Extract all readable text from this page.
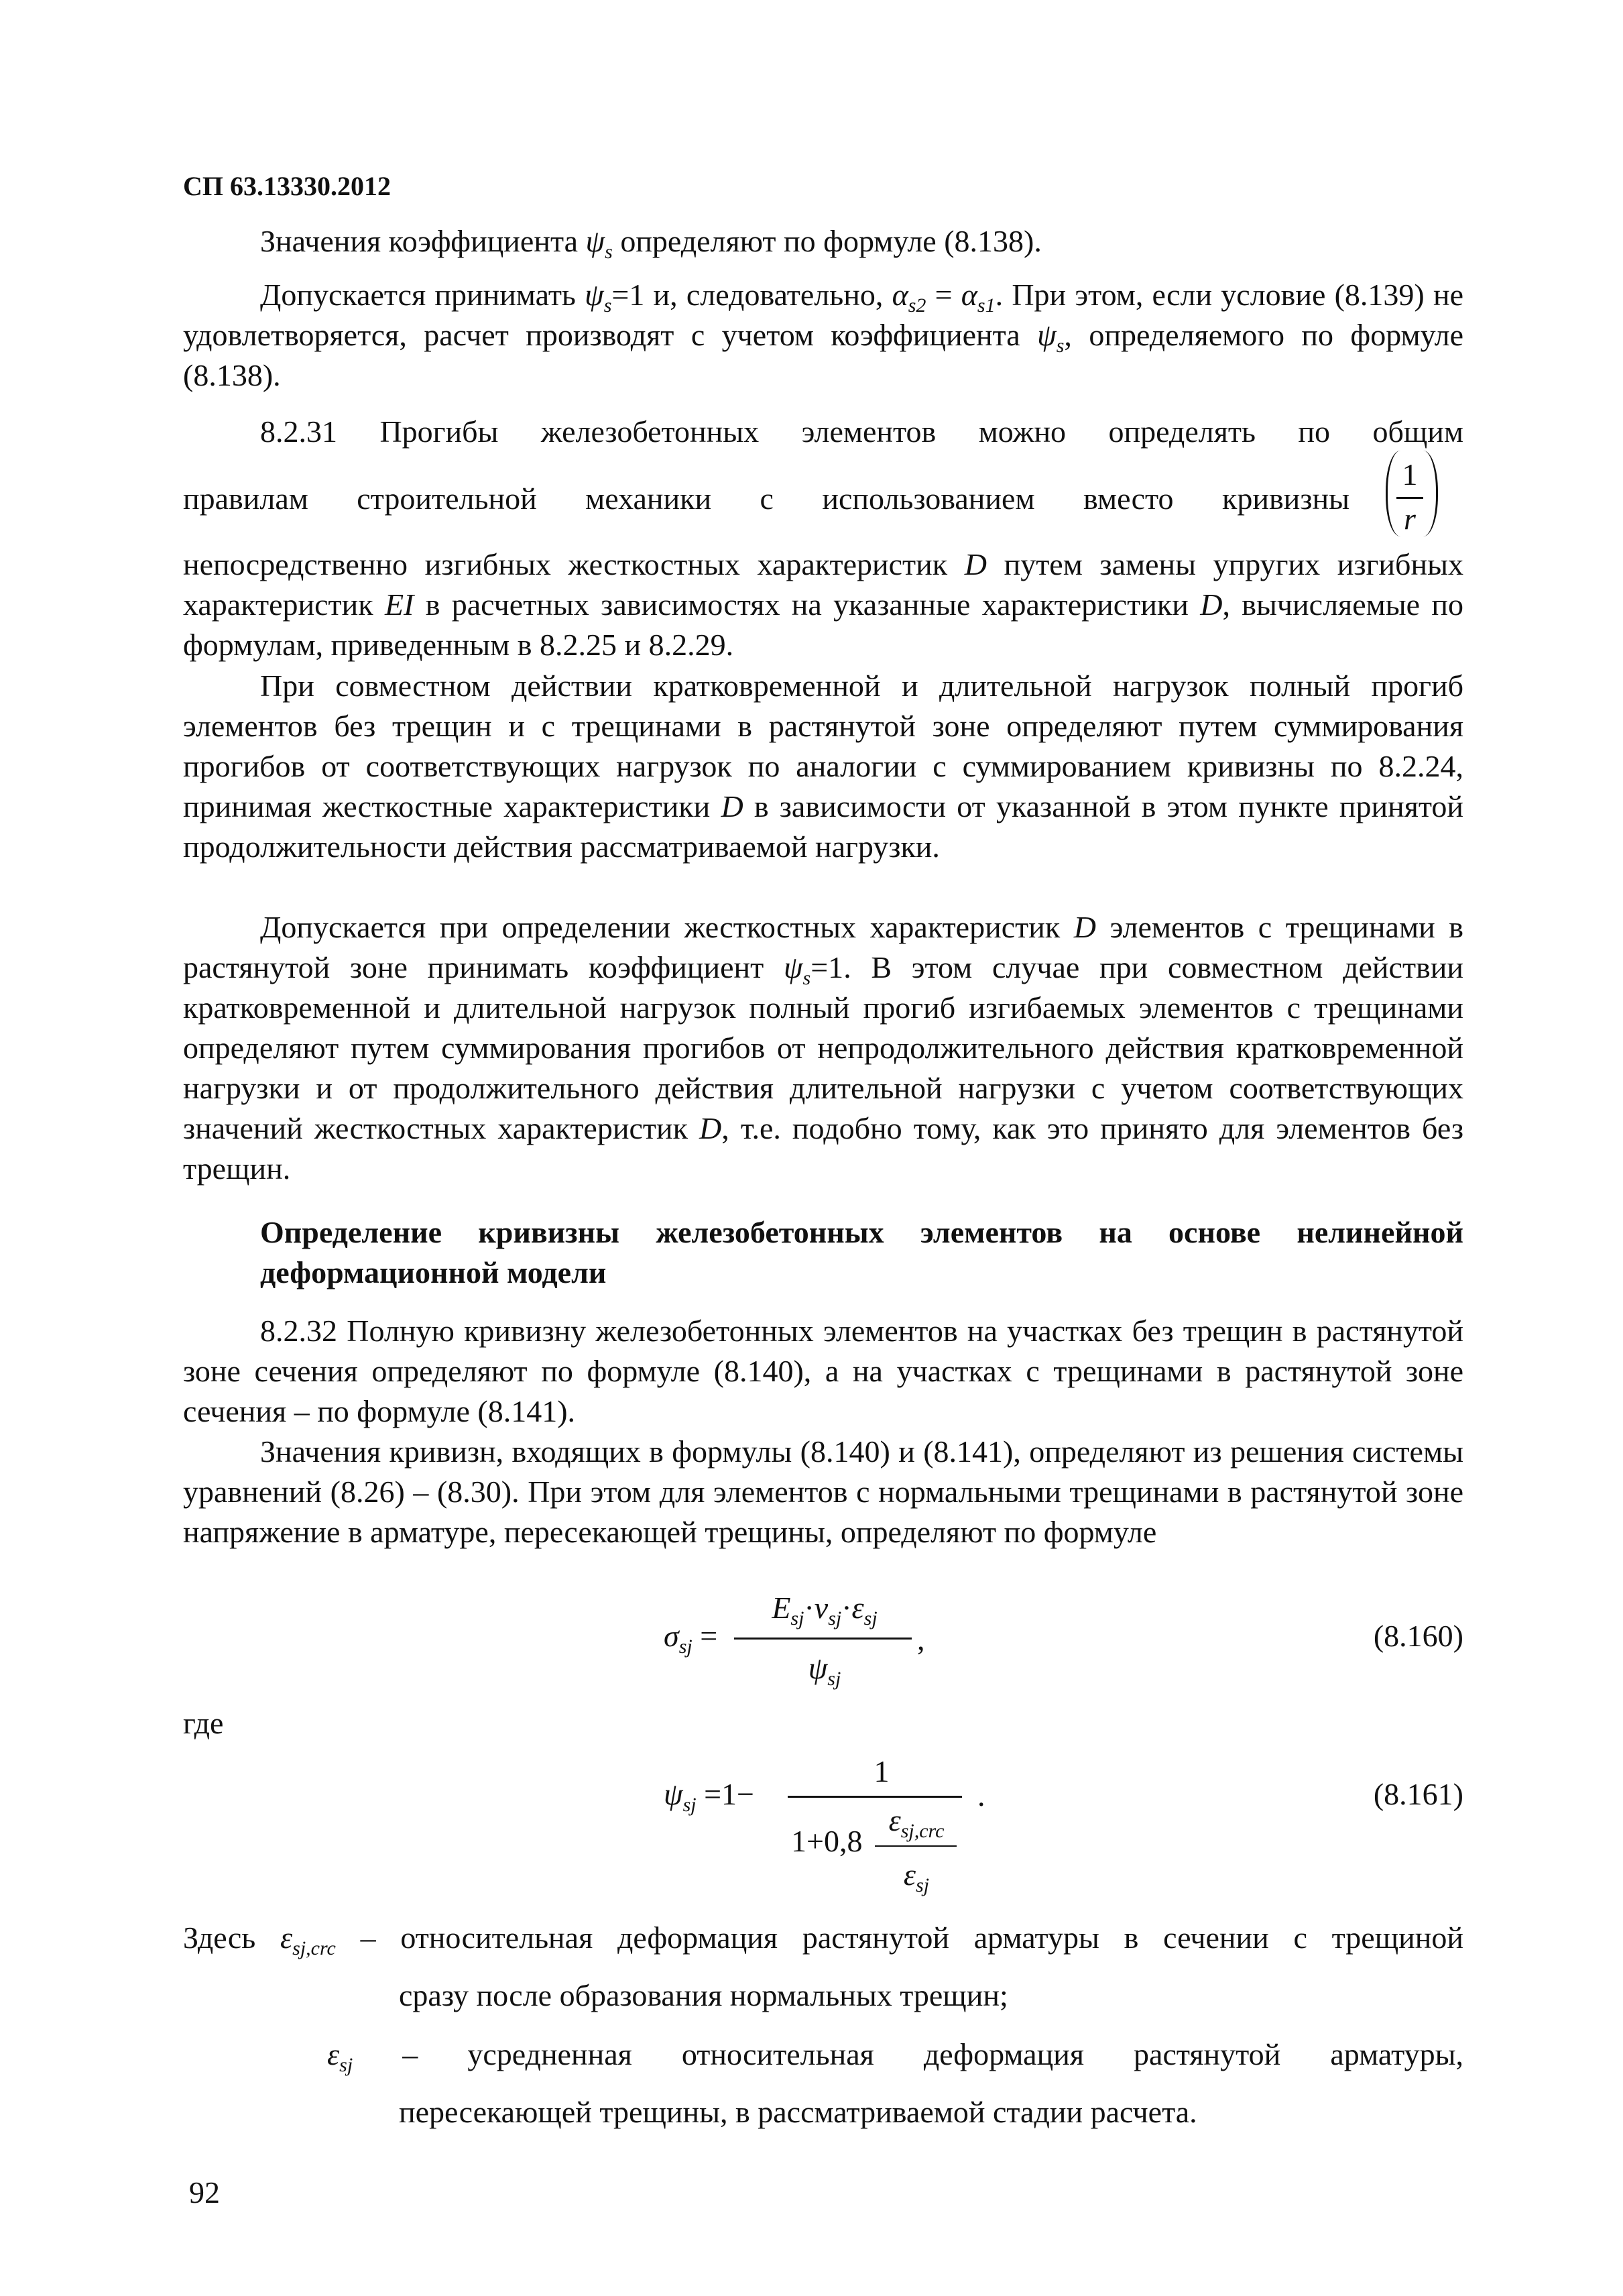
СП 63.13330.2012
Значения коэффициента $\psi_s$ определяют по формуле (8.138).
Допускается принимать $\psi_s=1$ и, следовательно, $\alpha_{s2} = \alpha_{s1}$. При этом, если условие (8.139) не удовлетворяется, расчет производят с учетом коэффициента $\psi_s$, определяемого по формуле (8.138).
8.2.31 Прогибы железобетонных элементов можно определять по общим
правилам строительной механики с использованием вместо кривизны
1
r
непосредственно изгибных жесткостных характеристик D путем замены упругих изгибных характеристик EI в расчетных зависимостях на указанные характеристики D, вычисляемые по формулам, приведенным в 8.2.25 и 8.2.29.
При совместном действии кратковременной и длительной нагрузок полный прогиб элементов без трещин и с трещинами в растянутой зоне определяют путем суммирования прогибов от соответствующих нагрузок по аналогии с суммированием кривизны по 8.2.24, принимая жесткостные характеристики D в зависимости от указанной в этом пункте принятой продолжительности действия рассматриваемой нагрузки.
Допускается при определении жесткостных характеристик D элементов с трещинами в растянутой зоне принимать коэффициент $\psi_s=1$. В этом случае при совместном действии кратковременной и длительной нагрузок полный прогиб изгибаемых элементов с трещинами определяют путем суммирования прогибов от непродолжительного действия кратковременной нагрузки и от продолжительного действия длительной нагрузки с учетом соответствующих значений жесткостных характеристик D, т.е. подобно тому, как это принято для элементов без трещин.
Определение кривизны железобетонных элементов на основе нелинейной деформационной модели
8.2.32 Полную кривизну железобетонных элементов на участках без трещин в растянутой зоне сечения определяют по формуле (8.140), а на участках с трещинами в растянутой зоне сечения – по формуле (8.141).
Значения кривизн, входящих в формулы (8.140) и (8.141), определяют из решения системы уравнений (8.26) – (8.30). При этом для элементов с нормальными трещинами в растянутой зоне напряжение в арматуре, пересекающей трещины, определяют по формуле
$\sigma_{sj}$ =
$E_{sj}\cdot\nu_{sj}\cdot\varepsilon_{sj}$
$\psi_{sj}$
,	(8.160)
где
$\psi_{sj} =1-$
1
1+0,8
$\varepsilon_{sj,crc}$
$\varepsilon_{sj}$
.	(8.161)
Здесь $\varepsilon_{sj,crc}$ – относительная деформация растянутой арматуры в сечении с трещиной
сразу после образования нормальных трещин;
$\varepsilon_{sj}$ – усредненная относительная деформация растянутой арматуры,
пересекающей трещины, в рассматриваемой стадии расчета.
92
